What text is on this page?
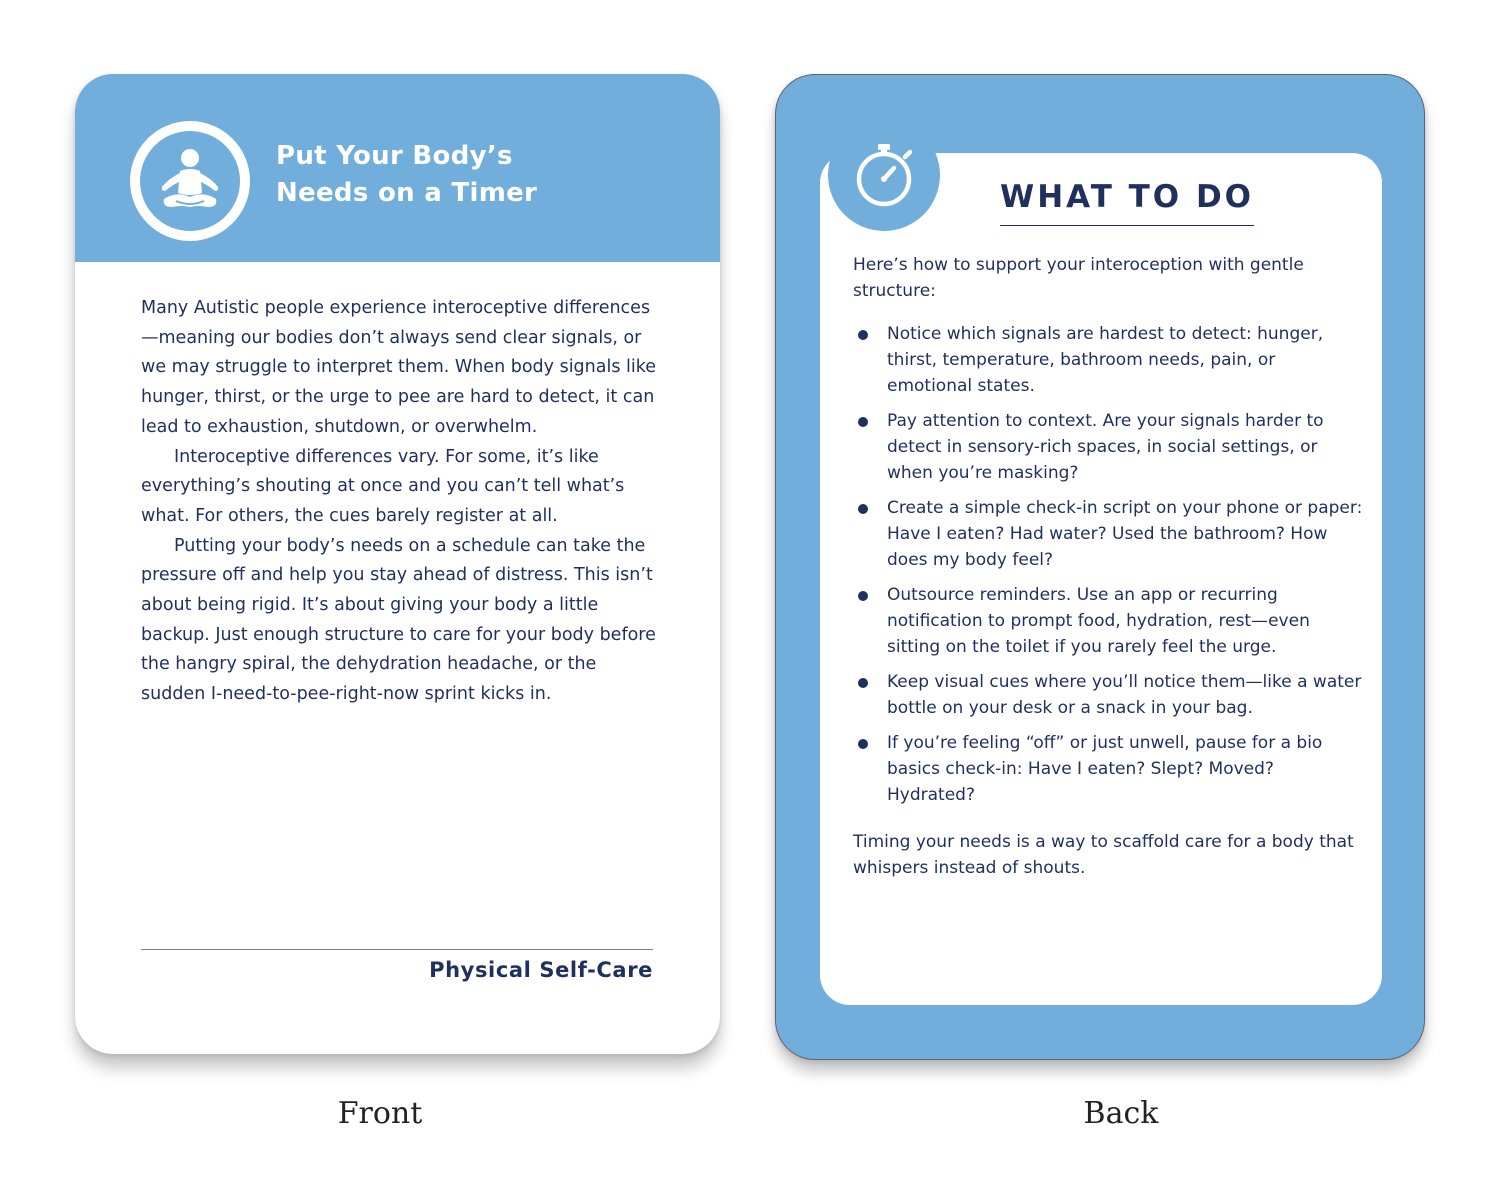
Put Your Body’s
Needs on a Timer

Many Autistic people experience interoceptive differences—meaning our bodies don’t always send clear signals, or we may struggle to interpret them. When body signals like hunger, thirst, or the urge to pee are hard to detect, it can lead to exhaustion, shutdown, or overwhelm.

Interoceptive differences vary. For some, it’s like everything’s shouting at once and you can’t tell what’s what. For others, the cues barely register at all.

Putting your body’s needs on a schedule can take the pressure off and help you stay ahead of distress. This isn’t about being rigid. It’s about giving your body a little backup. Just enough structure to care for your body before the hangry spiral, the dehydration headache, or the sudden I-need-to-pee-right-now sprint kicks in.

Physical Self-Care
WHAT TO DO
Here’s how to support your interoception with gentle structure:
Notice which signals are hardest to detect: hunger, thirst, temperature, bathroom needs, pain, or emotional states.
Pay attention to context. Are your signals harder to detect in sensory-rich spaces, in social settings, or when you’re masking?
Create a simple check-in script on your phone or paper: Have I eaten? Had water? Used the bathroom? How does my body feel?
Outsource reminders. Use an app or recurring notification to prompt food, hydration, rest—even sitting on the toilet if you rarely feel the urge.
Keep visual cues where you’ll notice them—like a water bottle on your desk or a snack in your bag.
If you’re feeling “off” or just unwell, pause for a bio basics check-in: Have I eaten? Slept? Moved? Hydrated?
Timing your needs is a way to scaffold care for a body that whispers instead of shouts.
Front	Back
